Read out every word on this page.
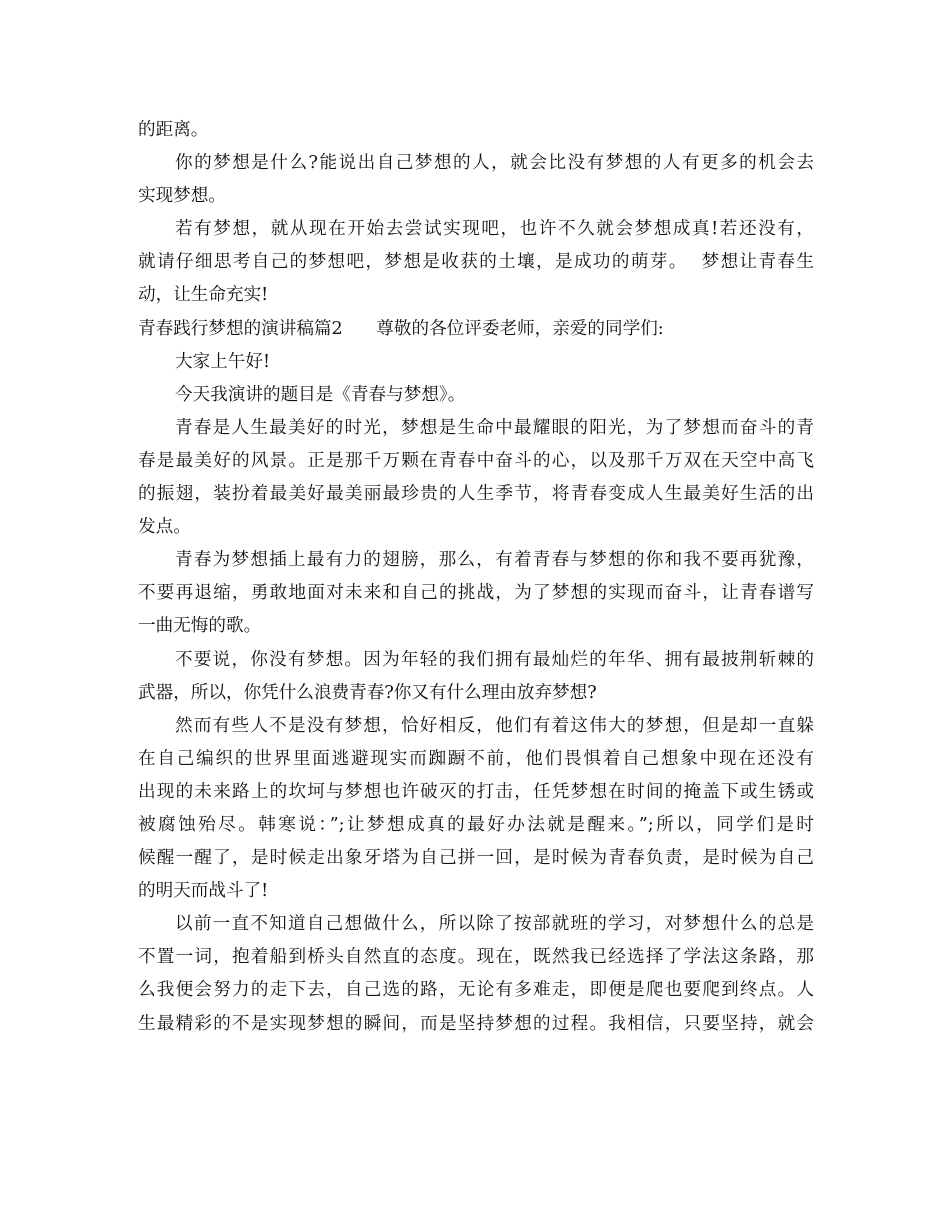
的距离。
你的梦想是什么?能说出自己梦想的人，就会比没有梦想的人有更多的机会去
实现梦想。
若有梦想，就从现在开始去尝试实现吧，也许不久就会梦想成真!若还没有，
就请仔细思考自己的梦想吧，梦想是收获的土壤，是成功的萌芽。  梦想让青春生
动，让生命充实!
青春践行梦想的演讲稿篇2      尊敬的各位评委老师，亲爱的同学们:
大家上午好!
今天我演讲的题目是《青春与梦想》。
青春是人生最美好的时光，梦想是生命中最耀眼的阳光，为了梦想而奋斗的青
春是最美好的风景。正是那千万颗在青春中奋斗的心，以及那千万双在天空中高飞
的振翅，装扮着最美好最美丽最珍贵的人生季节，将青春变成人生最美好生活的出
发点。
青春为梦想插上最有力的翅膀，那么，有着青春与梦想的你和我不要再犹豫，
不要再退缩，勇敢地面对未来和自己的挑战，为了梦想的实现而奋斗，让青春谱写
一曲无悔的歌。
不要说，你没有梦想。因为年轻的我们拥有最灿烂的年华、拥有最披荆斩棘的
武器，所以，你凭什么浪费青春?你又有什么理由放弃梦想?
然而有些人不是没有梦想，恰好相反，他们有着这伟大的梦想，但是却一直躲
在自己编织的世界里面逃避现实而踟蹰不前，他们畏惧着自己想象中现在还没有
出现的未来路上的坎坷与梦想也许破灭的打击，任凭梦想在时间的掩盖下或生锈或
被腐蚀殆尽。韩寒说：”;让梦想成真的最好办法就是醒来。”;所以，同学们是时
候醒一醒了，是时候走出象牙塔为自己拼一回，是时候为青春负责，是时候为自己
的明天而战斗了!
以前一直不知道自己想做什么，所以除了按部就班的学习，对梦想什么的总是
不置一词，抱着船到桥头自然直的态度。现在，既然我已经选择了学法这条路，那
么我便会努力的走下去，自己选的路，无论有多难走，即便是爬也要爬到终点。人
生最精彩的不是实现梦想的瞬间，而是坚持梦想的过程。我相信，只要坚持，就会
